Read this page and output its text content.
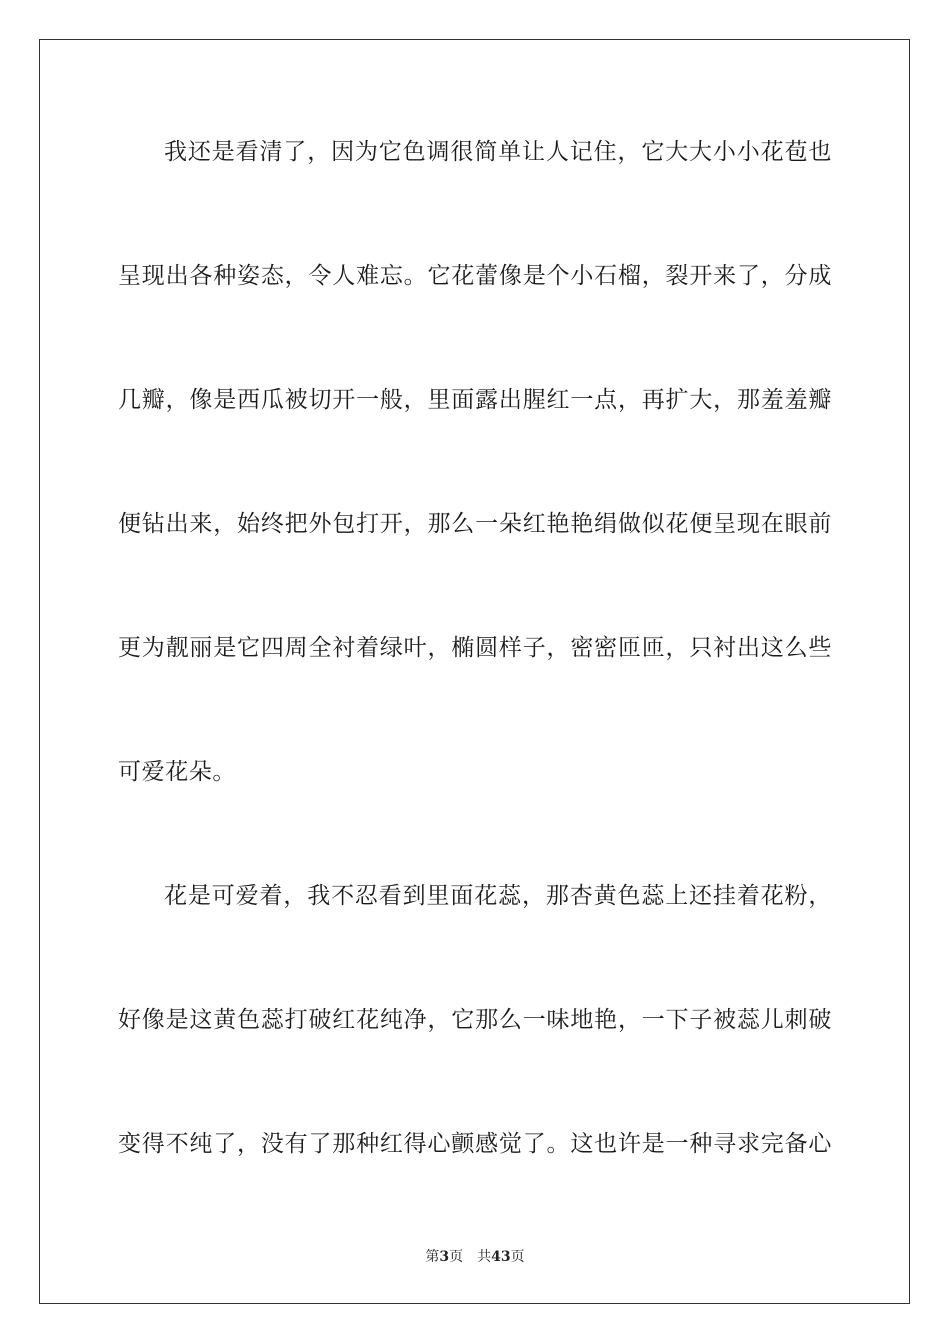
我还是看清了，因为它色调很简单让人记住，它大大小小花苞也
呈现出各种姿态，令人难忘。它花蕾像是个小石榴，裂开来了，分成
几瓣，像是西瓜被切开一般，里面露出腥红一点，再扩大，那羞羞瓣
便钻出来，始终把外包打开，那么一朵红艳艳绢做似花便呈现在眼前
更为靓丽是它四周全衬着绿叶，椭圆样子，密密匝匝，只衬出这么些
可爱花朵。
花是可爱着，我不忍看到里面花蕊，那杏黄色蕊上还挂着花粉，
好像是这黄色蕊打破红花纯净，它那么一味地艳，一下子被蕊儿刺破
变得不纯了，没有了那种红得心颤感觉了。这也许是一种寻求完备心
第3页 共43页
